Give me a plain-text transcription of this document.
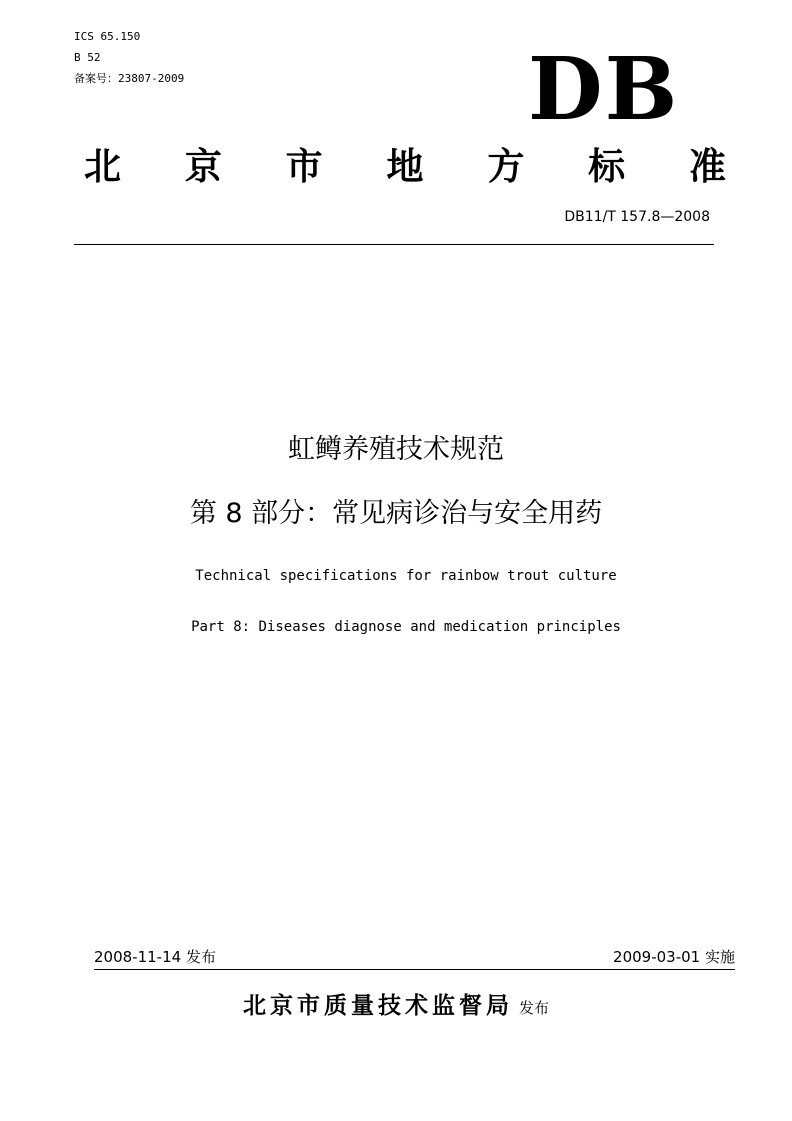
ICS 65.150
B 52
备案号：23807-2009	DB
北 京 市 地 方 标 准
DB11/T 157.8—2008
虹鳟养殖技术规范
第 8 部分：常见病诊治与安全用药
Technical specifications for rainbow trout culture
Part 8: Diseases diagnose and medication principles
2008-11-14 发布	2009-03-01 实施
北京市质量技术监督局 发布
